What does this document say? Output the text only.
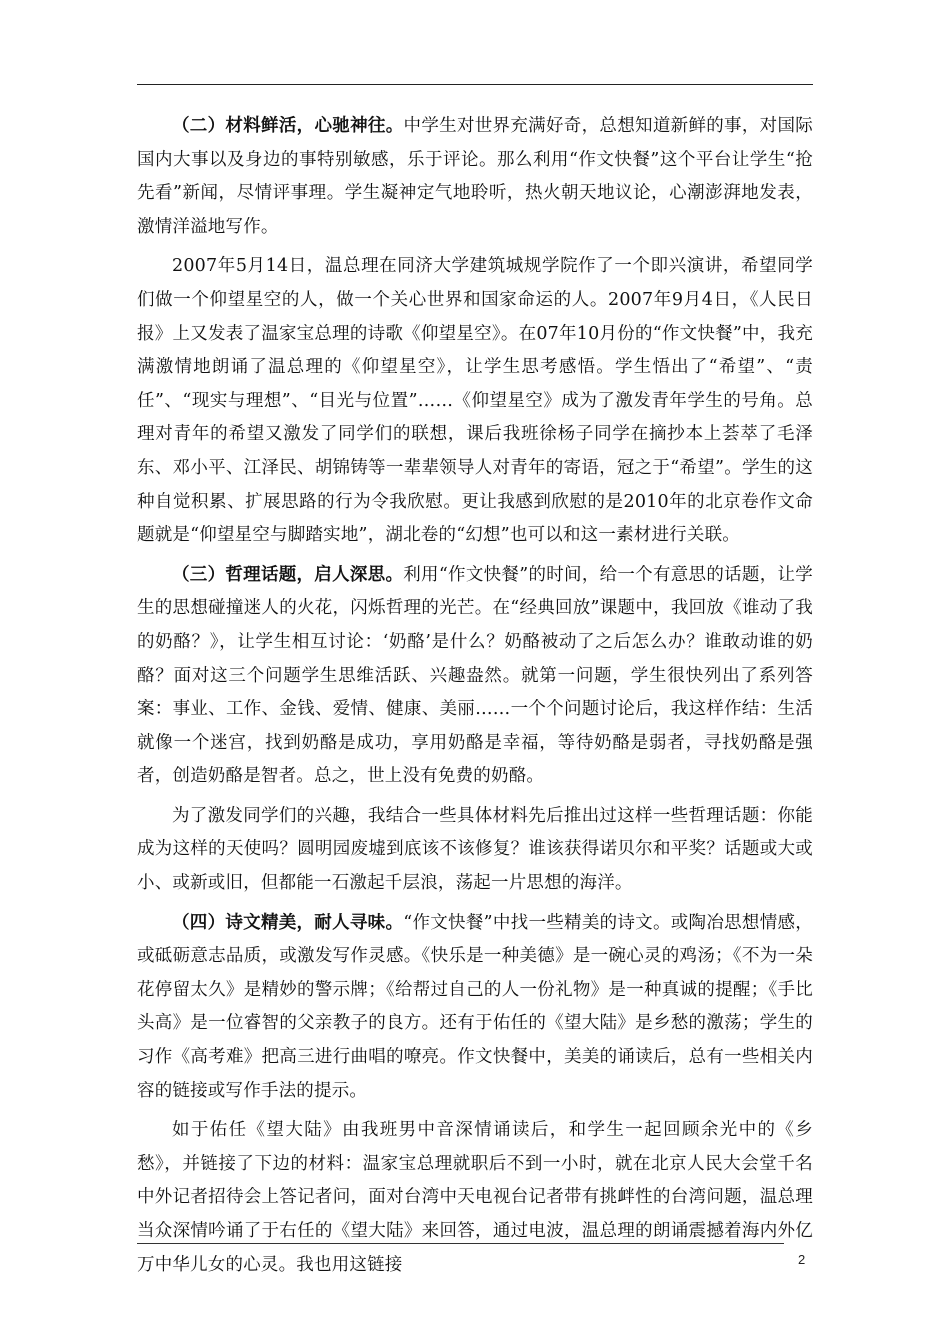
（二）材料鲜活，心驰神往。中学生对世界充满好奇，总想知道新鲜的事，对国际国内大事以及身边的事特别敏感，乐于评论。那么利用“作文快餐”这个平台让学生“抢先看”新闻，尽情评事理。学生凝神定气地聆听，热火朝天地议论，心潮澎湃地发表，激情洋溢地写作。

2007年5月14日，温总理在同济大学建筑城规学院作了一个即兴演讲，希望同学们做一个仰望星空的人，做一个关心世界和国家命运的人。2007年9月4日，《人民日报》上又发表了温家宝总理的诗歌《仰望星空》。在07年10月份的“作文快餐”中，我充满激情地朗诵了温总理的《仰望星空》，让学生思考感悟。学生悟出了“希望”、“责任”、“现实与理想”、“目光与位置”……《仰望星空》成为了激发青年学生的号角。总理对青年的希望又激发了同学们的联想，课后我班徐杨子同学在摘抄本上荟萃了毛泽东、邓小平、江泽民、胡锦铸等一辈辈领导人对青年的寄语，冠之于“希望”。学生的这种自觉积累、扩展思路的行为令我欣慰。更让我感到欣慰的是2010年的北京卷作文命题就是“仰望星空与脚踏实地”，湖北卷的“幻想”也可以和这一素材进行关联。

（三）哲理话题，启人深思。利用“作文快餐”的时间，给一个有意思的话题，让学生的思想碰撞迷人的火花，闪烁哲理的光芒。在“经典回放”课题中，我回放《谁动了我的奶酪？》，让学生相互讨论：‘奶酪’是什么？奶酪被动了之后怎么办？谁敢动谁的奶酪？面对这三个问题学生思维活跃、兴趣盎然。就第一问题，学生很快列出了系列答案：事业、工作、金钱、爱情、健康、美丽……一个个问题讨论后，我这样作结：生活就像一个迷宫，找到奶酪是成功，享用奶酪是幸福，等待奶酪是弱者，寻找奶酪是强者，创造奶酪是智者。总之，世上没有免费的奶酪。

为了激发同学们的兴趣，我结合一些具体材料先后推出过这样一些哲理话题：你能成为这样的天使吗？圆明园废墟到底该不该修复？谁该获得诺贝尔和平奖？话题或大或小、或新或旧，但都能一石激起千层浪，荡起一片思想的海洋。

（四）诗文精美，耐人寻味。“作文快餐”中找一些精美的诗文。或陶冶思想情感，或砥砺意志品质，或激发写作灵感。《快乐是一种美德》是一碗心灵的鸡汤；《不为一朵花停留太久》是精妙的警示牌；《给帮过自己的人一份礼物》是一种真诚的提醒；《手比头高》是一位睿智的父亲教子的良方。还有于佑任的《望大陆》是乡愁的激荡；学生的习作《高考难》把高三进行曲唱的嘹亮。作文快餐中，美美的诵读后，总有一些相关内容的链接或写作手法的提示。

如于佑任《望大陆》由我班男中音深情诵读后，和学生一起回顾余光中的《乡愁》，并链接了下边的材料：温家宝总理就职后不到一小时，就在北京人民大会堂千名中外记者招待会上答记者问，面对台湾中天电视台记者带有挑衅性的台湾问题，温总理当众深情吟诵了于右任的《望大陆》来回答，通过电波，温总理的朗诵震撼着海内外亿万中华儿女的心灵。我也用这链接	2
